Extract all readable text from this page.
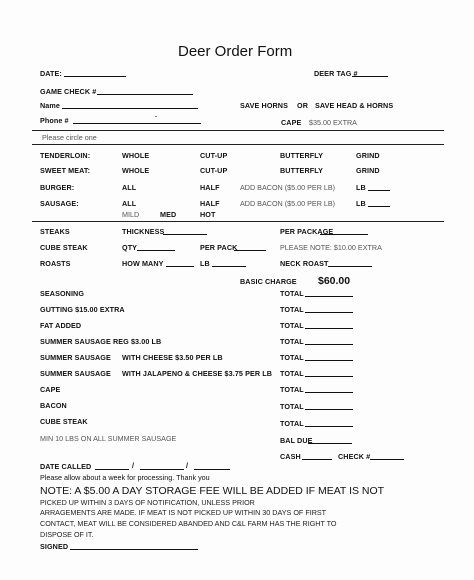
Deer Order Form
DATE:	DEER TAG #
GAME CHECK #
Name	SAVE HORNS OR SAVE HEAD & HORNS
Phone #	CAPE $35.00 EXTRA
Please circle one
TENDERLOIN:	WHOLE	CUT-UP	BUTTERFLY	GRIND
SWEET MEAT:	WHOLE	CUT-UP	BUTTERFLY	GRIND
BURGER:	ALL	HALF	ADD BACON ($5.00 PER LB)	LB
SAUSAGE:	ALL	HALF	ADD BACON ($5.00 PER LB)	LB
MILD	MED	HOT
STEAKS	THICKNESS	PER PACKAGE
CUBE STEAK	QTY	PER PACK	PLEASE NOTE: $10.00 EXTRA
ROASTS	HOW MANY	LB	NECK ROAST
BASIC CHARGE $60.00
SEASONING	TOTAL
GUTTING $15.00 EXTRA	TOTAL
FAT ADDED	TOTAL
SUMMER SAUSAGE REG $3.00 LB	TOTAL
SUMMER SAUSAGE WITH CHEESE $3.50 PER LB	TOTAL
SUMMER SAUSAGE WITH JALAPENO & CHEESE $3.75 PER LB TOTAL
CAPE	TOTAL
BACON	TOTAL
CUBE STEAK	TOTAL
MIN 10 LBS ON ALL SUMMER SAUSAGE	BAL DUE
CASH	CHECK #
DATE CALLED	/	/
Please allow about a week for processing. Thank you
NOTE: A $5.00 A DAY STORAGE FEE WILL BE ADDED IF MEAT IS NOT
PICKED UP WITHIN 3 DAYS OF NOTIFICATION, UNLESS PRIOR
ARRAGEMENTS ARE MADE. IF MEAT IS NOT PICKED UP WITHIN 30 DAYS OF FIRST
CONTACT, MEAT WILL BE CONSIDERED ABANDED AND C&L FARM HAS THE RIGHT TO
DISPOSE OF IT.
SIGNED
